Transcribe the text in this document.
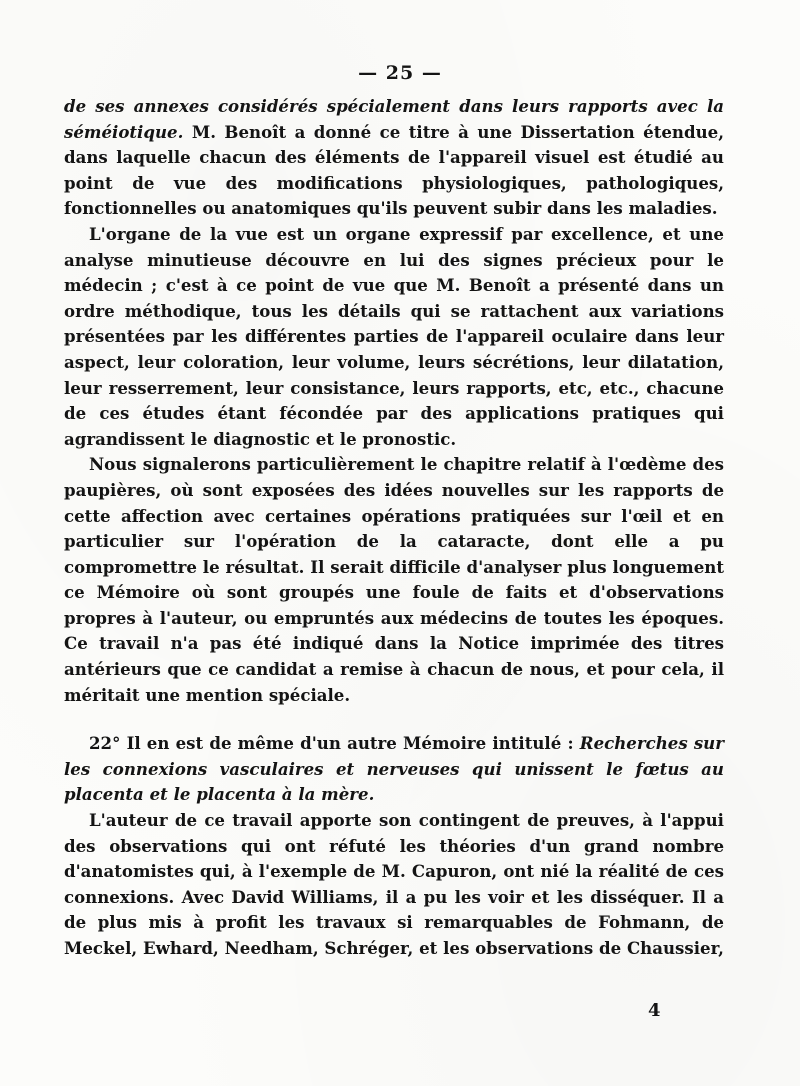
— 25 —

de ses annexes considérés spécialement dans leurs rapports avec la séméiotique. M. Benoît a donné ce titre à une Dissertation étendue, dans laquelle chacun des éléments de l'appareil visuel est étudié au point de vue des modifications physiologiques, pathologiques, fonctionnelles ou anatomiques qu'ils peuvent subir dans les maladies.

L'organe de la vue est un organe expressif par excellence, et une analyse minutieuse découvre en lui des signes précieux pour le médecin ; c'est à ce point de vue que M. Benoît a présenté dans un ordre méthodique, tous les détails qui se rattachent aux variations présentées par les différentes parties de l'appareil oculaire dans leur aspect, leur coloration, leur volume, leurs sécrétions, leur dilatation, leur resserrement, leur consistance, leurs rapports, etc, etc., chacune de ces études étant fécondée par des applications pratiques qui agrandissent le diagnostic et le pronostic.

Nous signalerons particulièrement le chapitre relatif à l'œdème des paupières, où sont exposées des idées nouvelles sur les rapports de cette affection avec certaines opérations pratiquées sur l'œil et en particulier sur l'opération de la cataracte, dont elle a pu compromettre le résultat. Il serait difficile d'analyser plus longuement ce Mémoire où sont groupés une foule de faits et d'observations propres à l'auteur, ou empruntés aux médecins de toutes les époques. Ce travail n'a pas été indiqué dans la Notice imprimée des titres antérieurs que ce candidat a remise à chacun de nous, et pour cela, il méritait une mention spéciale.

22° Il en est de même d'un autre Mémoire intitulé : Recherches sur les connexions vasculaires et nerveuses qui unissent le fœtus au placenta et le placenta à la mère.

L'auteur de ce travail apporte son contingent de preuves, à l'appui des observations qui ont réfuté les théories d'un grand nombre d'anatomistes qui, à l'exemple de M. Capuron, ont nié la réalité de ces connexions. Avec David Williams, il a pu les voir et les disséquer. Il a de plus mis à profit les travaux si remarquables de Fohmann, de Meckel, Ewhard, Needham, Schréger, et les observations de Chaussier,

4
